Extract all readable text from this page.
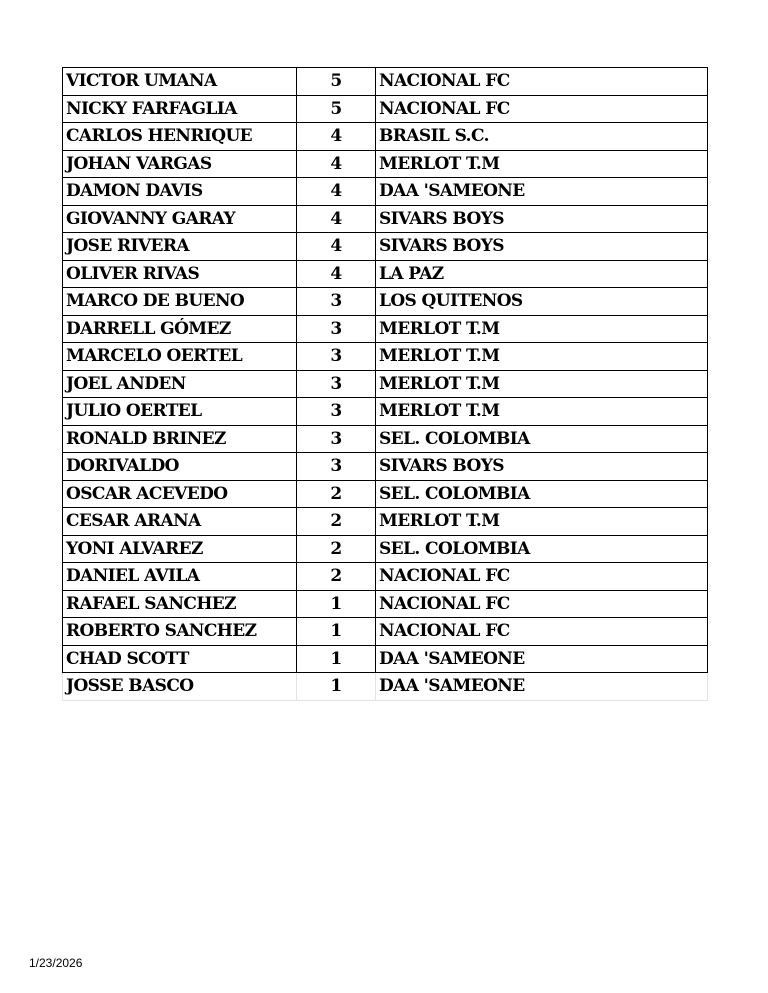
VICTOR UMANA	5	NACIONAL FC
NICKY FARFAGLIA	5	NACIONAL FC
CARLOS HENRIQUE	4	BRASIL S.C.
JOHAN VARGAS	4	MERLOT T.M
DAMON DAVIS	4	DAA 'SAMEONE
GIOVANNY GARAY	4	SIVARS BOYS
JOSE RIVERA	4	SIVARS BOYS
OLIVER RIVAS	4	LA PAZ
MARCO DE BUENO	3	LOS QUITENOS
DARRELL GÓMEZ	3	MERLOT T.M
MARCELO OERTEL	3	MERLOT T.M
JOEL ANDEN	3	MERLOT T.M
JULIO OERTEL	3	MERLOT T.M
RONALD BRINEZ	3	SEL. COLOMBIA
DORIVALDO	3	SIVARS BOYS
OSCAR ACEVEDO	2	SEL. COLOMBIA
CESAR ARANA	2	MERLOT T.M
YONI ALVAREZ	2	SEL. COLOMBIA
DANIEL AVILA	2	NACIONAL FC
RAFAEL SANCHEZ	1	NACIONAL FC
ROBERTO SANCHEZ	1	NACIONAL FC
CHAD SCOTT	1	DAA 'SAMEONE
JOSSE BASCO	1	DAA 'SAMEONE
1/23/2026
